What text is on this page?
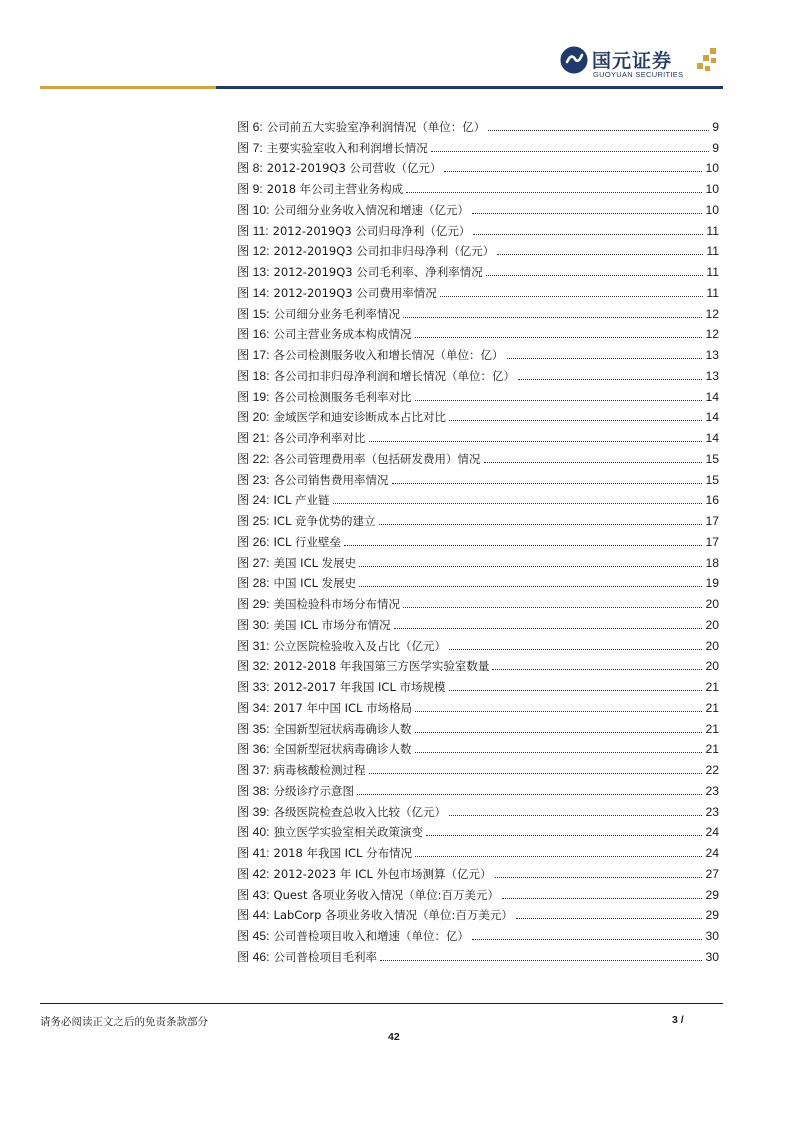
国元证券
GUOYUAN SECURITIES
图 6: 公司前五大实验室净利润情况（单位：亿）	9
图 7: 主要实验室收入和利润增长情况	9
图 8: 2012-2019Q3 公司营收（亿元）	10
图 9: 2018 年公司主营业务构成	10
图 10: 公司细分业务收入情况和增速（亿元）	10
图 11: 2012-2019Q3 公司归母净利（亿元）	11
图 12: 2012-2019Q3 公司扣非归母净利（亿元）	11
图 13: 2012-2019Q3 公司毛利率、净利率情况	11
图 14: 2012-2019Q3 公司费用率情况	11
图 15: 公司细分业务毛利率情况	12
图 16: 公司主营业务成本构成情况	12
图 17: 各公司检测服务收入和增长情况（单位：亿）	13
图 18: 各公司扣非归母净利润和增长情况（单位：亿）	13
图 19: 各公司检测服务毛利率对比	14
图 20: 金域医学和迪安诊断成本占比对比	14
图 21: 各公司净利率对比	14
图 22: 各公司管理费用率（包括研发费用）情况	15
图 23: 各公司销售费用率情况	15
图 24: ICL 产业链	16
图 25: ICL 竞争优势的建立	17
图 26: ICL 行业壁垒	17
图 27: 美国 ICL 发展史	18
图 28: 中国 ICL 发展史	19
图 29: 美国检验科市场分布情况	20
图 30: 美国 ICL 市场分布情况	20
图 31: 公立医院检验收入及占比（亿元）	20
图 32: 2012-2018 年我国第三方医学实验室数量	20
图 33: 2012-2017 年我国 ICL 市场规模	21
图 34: 2017 年中国 ICL 市场格局	21
图 35: 全国新型冠状病毒确诊人数	21
图 36: 全国新型冠状病毒确诊人数	21
图 37: 病毒核酸检测过程	22
图 38: 分级诊疗示意图	23
图 39: 各级医院检查总收入比较（亿元）	23
图 40: 独立医学实验室相关政策演变	24
图 41: 2018 年我国 ICL 分布情况	24
图 42: 2012-2023 年 ICL 外包市场测算（亿元）	27
图 43: Quest 各项业务收入情况（单位:百万美元）	29
图 44: LabCorp 各项业务收入情况（单位:百万美元）	29
图 45: 公司普检项目收入和增速（单位：亿）	30
图 46: 公司普检项目毛利率	30
请务必阅读正文之后的免责条款部分	3 /
42
